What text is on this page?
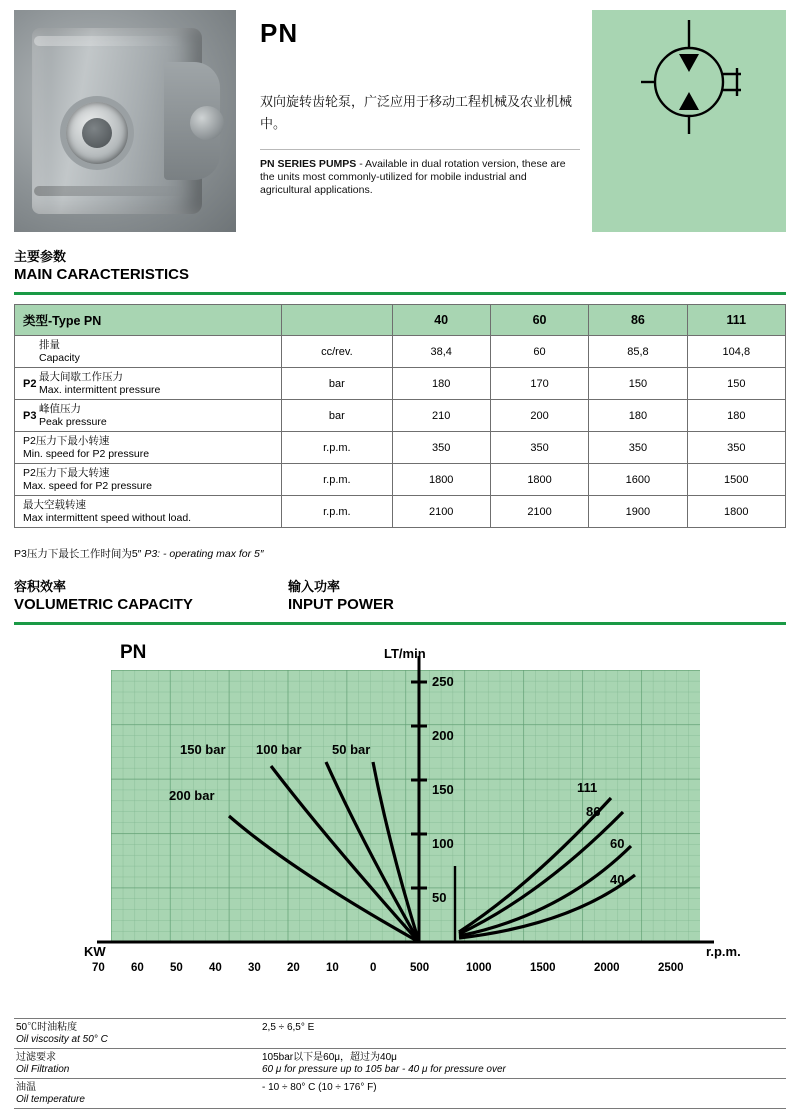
PN
双向旋转齿轮泵，广泛应用于移动工程机械及农业机械中。
PN SERIES PUMPS - Available in dual rotation version, these are the units most commonly-utilized for mobile industrial and agricultural applications.
主要参数
MAIN CARACTERISTICS
类型-Type PN		40	60	86	111

排量
Capacity	cc/rev.	38,4	60	85,8	104,8

P2
最大间歇工作压力
Max. intermittent pressure	bar	180	170	150	150

P3
峰值压力
Peak pressure	bar	210	200	180	180

P2压力下最小转速
Min. speed for P2 pressure	r.p.m.	350	350	350	350

P2压力下最大转速
Max. speed for P2 pressure	r.p.m.	1800	1800	1600	1500

最大空载转速
Max intermittent speed without load.	r.p.m.	2100	2100	1900	1800
P3压力下最长工作时间为5″ P3: - operating max for 5″
容积效率
VOLUMETRIC CAPACITY
输入功率
INPUT POWER
PN	LT/min
KW	r.p.m.
250
200
150
100
50
70 60 50 40 30 20 10	0	500	1000	1500	2000	2500
200 bar
150 bar 100 bar 50 bar
111
86
60
40
50℃时油粘度
Oil viscosity at 50° C	2,5 ÷ 6,5° E

过滤要求
Oil Filtration

105bar以下是60μ，超过为40μ
60 μ for pressure up to 105 bar - 40 μ for pressure over

油温
Oil temperature	- 10 ÷ 80° C (10 ÷ 176° F)
